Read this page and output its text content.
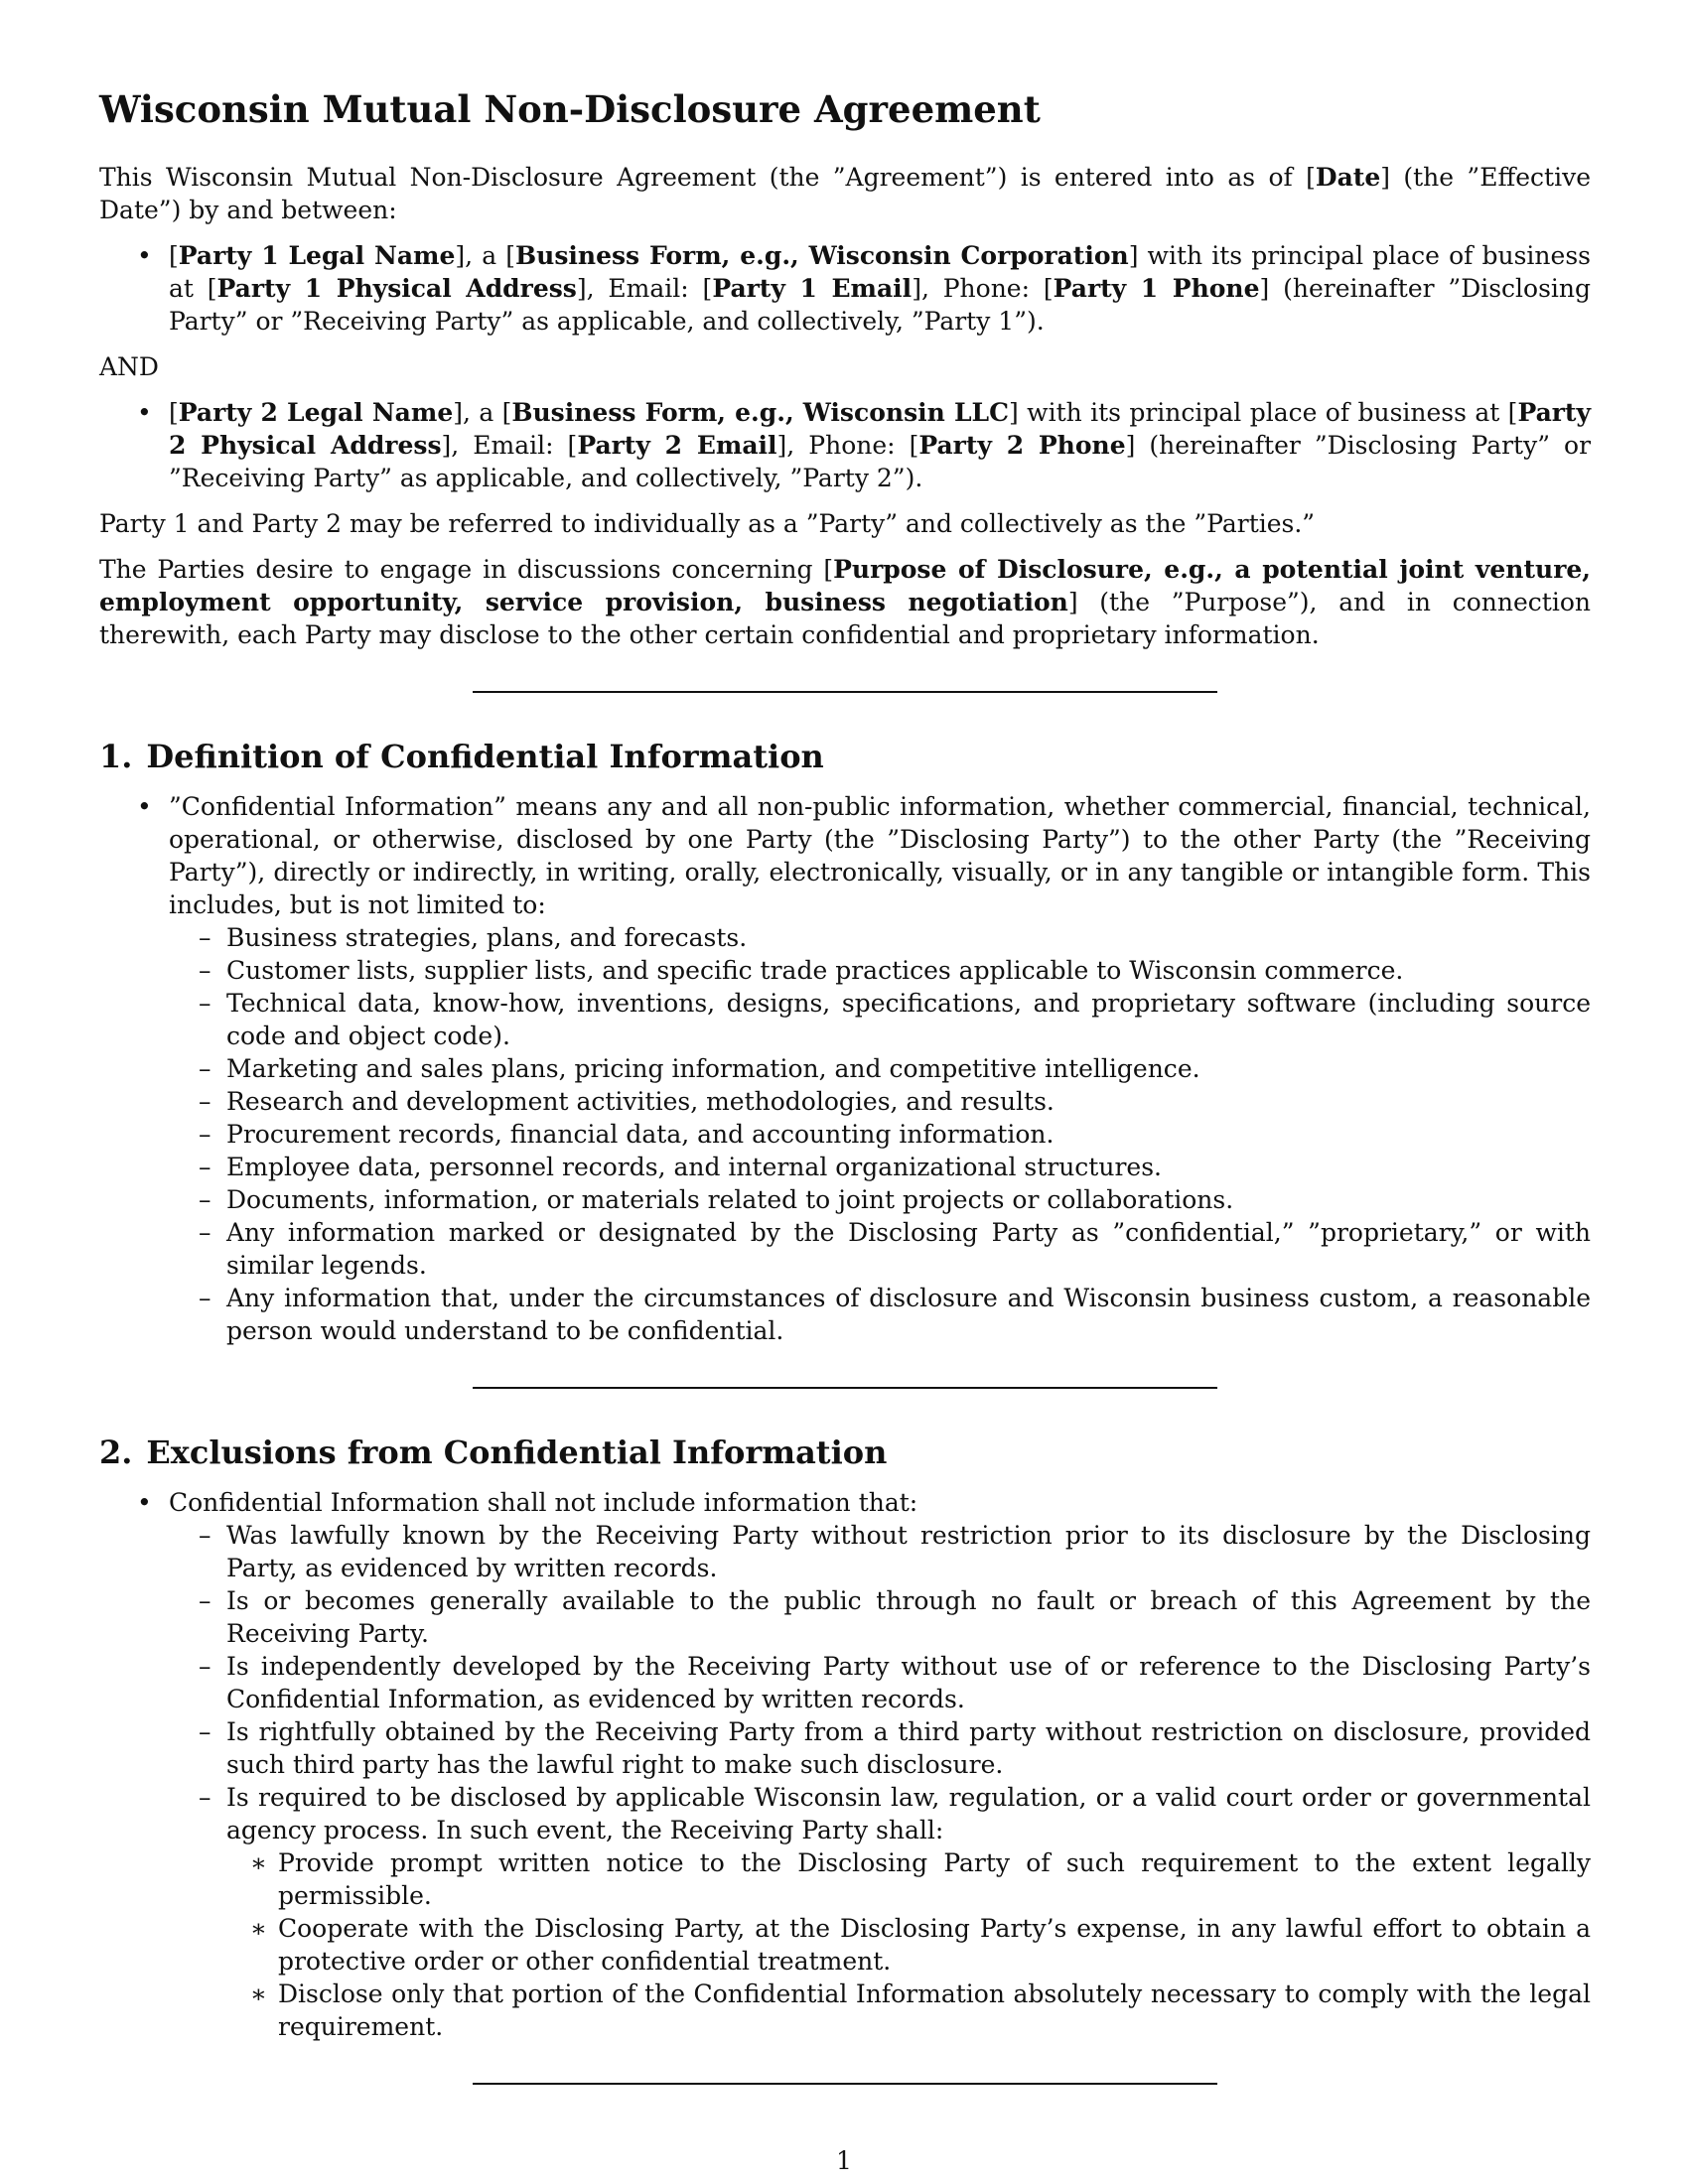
Wisconsin Mutual Non-Disclosure Agreement

This Wisconsin Mutual Non-Disclosure Agreement (the ”Agreement”) is entered into as of [Date] (the ”Effective Date”) by and between:

• [Party 1 Legal Name], a [Business Form, e.g., Wisconsin Corporation] with its principal place of business at [Party 1 Physical Address], Email: [Party 1 Email], Phone: [Party 1 Phone] (hereinafter ”Disclosing Party” or ”Receiving Party” as applicable, and collectively, ”Party 1”).

AND

• [Party 2 Legal Name], a [Business Form, e.g., Wisconsin LLC] with its principal place of business at [Party 2 Physical Address], Email: [Party 2 Email], Phone: [Party 2 Phone] (hereinafter ”Disclosing Party” or ”Receiving Party” as applicable, and collectively, ”Party 2”).

Party 1 and Party 2 may be referred to individually as a ”Party” and collectively as the ”Parties.”

The Parties desire to engage in discussions concerning [Purpose of Disclosure, e.g., a potential joint venture, employment opportunity, service provision, business negotiation] (the ”Purpose”), and in connection therewith, each Party may disclose to the other certain confidential and proprietary information.

1. Definition of Confidential Information
• ”Confidential Information” means any and all non-public information, whether commercial, financial, technical, operational, or otherwise, disclosed by one Party (the ”Disclosing Party”) to the other Party (the ”Receiving Party”), directly or indirectly, in writing, orally, electronically, visually, or in any tangible or intangible form. This includes, but is not limited to:
– Business strategies, plans, and forecasts.
– Customer lists, supplier lists, and specific trade practices applicable to Wisconsin commerce.
– Technical data, know-how, inventions, designs, specifications, and proprietary software (including source code and object code).
– Marketing and sales plans, pricing information, and competitive intelligence.
– Research and development activities, methodologies, and results.
– Procurement records, financial data, and accounting information.
– Employee data, personnel records, and internal organizational structures.
– Documents, information, or materials related to joint projects or collaborations.
– Any information marked or designated by the Disclosing Party as ”confidential,” ”proprietary,” or with similar legends.
– Any information that, under the circumstances of disclosure and Wisconsin business custom, a reasonable person would understand to be confidential.
2. Exclusions from Confidential Information
• Confidential Information shall not include information that:
– Was lawfully known by the Receiving Party without restriction prior to its disclosure by the Disclosing Party, as evidenced by written records.
– Is or becomes generally available to the public through no fault or breach of this Agreement by the Receiving Party.
– Is independently developed by the Receiving Party without use of or reference to the Disclosing Party’s Confidential Information, as evidenced by written records.
– Is rightfully obtained by the Receiving Party from a third party without restriction on disclosure, provided such third party has the lawful right to make such disclosure.
– Is required to be disclosed by applicable Wisconsin law, regulation, or a valid court order or governmental agency process. In such event, the Receiving Party shall:
∗ Provide prompt written notice to the Disclosing Party of such requirement to the extent legally permissible.
∗ Cooperate with the Disclosing Party, at the Disclosing Party’s expense, in any lawful effort to obtain a protective order or other confidential treatment.
∗ Disclose only that portion of the Confidential Information absolutely necessary to comply with the legal requirement.
1
